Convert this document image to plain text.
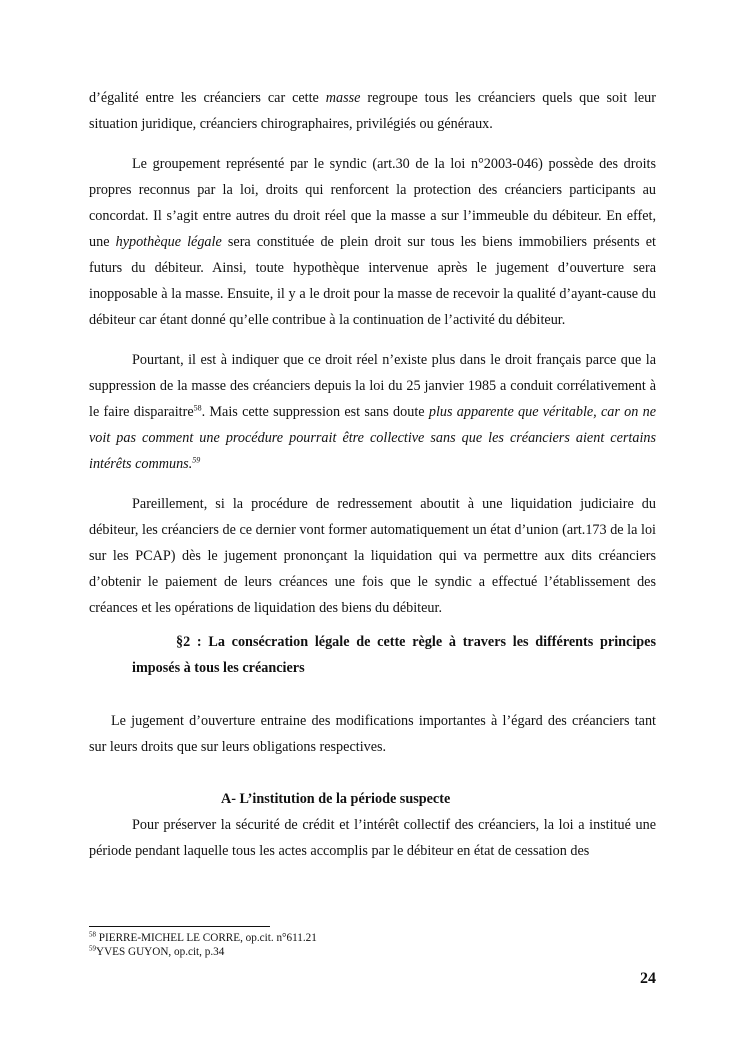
d’égalité entre les créanciers car cette masse regroupe tous les créanciers quels que soit leur situation juridique, créanciers chirographaires, privilégiés ou généraux.

Le groupement représenté par le syndic (art.30 de la loi n°2003-046) possède des droits propres reconnus par la loi, droits qui renforcent la protection des créanciers participants au concordat. Il s’agit entre autres du droit réel que la masse a sur l’immeuble du débiteur. En effet, une hypothèque légale sera constituée de plein droit sur tous les biens immobiliers présents et futurs du débiteur. Ainsi, toute hypothèque intervenue après le jugement d’ouverture sera inopposable à la masse. Ensuite, il y a le droit pour la masse de recevoir la qualité d’ayant-cause du débiteur car étant donné qu’elle contribue à la continuation de l’activité du débiteur.

Pourtant, il est à indiquer que ce droit réel n’existe plus dans le droit français parce que la suppression de la masse des créanciers depuis la loi du 25 janvier 1985 a conduit corrélativement à le faire disparaitre$^{58}$. Mais cette suppression est sans doute plus apparente que véritable, car on ne voit pas comment une procédure pourrait être collective sans que les créanciers aient certains intérêts communs.$^{59}$

Pareillement, si la procédure de redressement aboutit à une liquidation judiciaire du débiteur, les créanciers de ce dernier vont former automatiquement un état d’union (art.173 de la loi sur les PCAP) dès le jugement prononçant la liquidation qui va permettre aux dits créanciers d’obtenir le paiement de leurs créances une fois que le syndic a effectué l’établissement des créances et les opérations de liquidation des biens du débiteur.

§2 : La consécration légale de cette règle à travers les différents principes imposés à tous les créanciers

Le jugement d’ouverture entraine des modifications importantes à l’égard des créanciers tant sur leurs droits que sur leurs obligations respectives.

A- L’institution de la période suspecte

Pour préserver la sécurité de crédit et l’intérêt collectif des créanciers, la loi a institué une période pendant laquelle tous les actes accomplis par le débiteur en état de cessation des

$^{58}$ PIERRE-MICHEL LE CORRE, op.cit. n°611.21
$^{59}$YVES GUYON, op.cit, p.34
24
